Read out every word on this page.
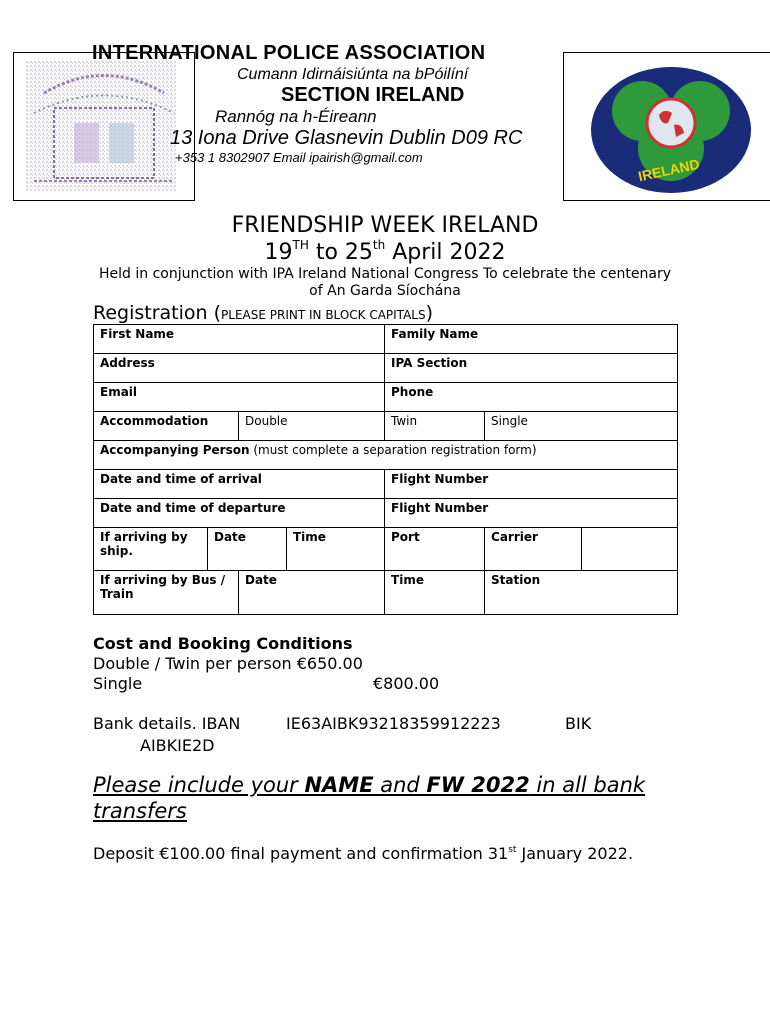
IRELAND
INTERNATIONAL POLICE ASSOCIATION
Cumann Idirnáisiúnta na bPóilíní
SECTION IRELAND
Rannóg na h-Éireann
13 Iona Drive Glasnevin Dublin D09 RC
+353 1 8302907 Email ipairish@gmail.com
FRIENDSHIP WEEK IRELAND
19TH to 25th April 2022
Held in conjunction with IPA Ireland National Congress To celebrate the centenary of An Garda Síochána
Registration (PLEASE PRINT IN BLOCK CAPITALS)
First Name				Family Name		
Address				IPA Section		
Email				Phone		
Accommodation		Double		Twin	Single	
Accompanying Person (must complete a separation registration form)						
Date and time of arrival				Flight Number		
Date and time of departure				Flight Number		
If arriving by ship.	Date		Time	Port	Carrier	
If arriving by Bus / Train		Date		Time	Station	
Cost and Booking Conditions
Double / Twin per person €650.00
Single	€800.00
Bank details. IBAN	IE63AIBK93218359912223	BIK
AIBKIE2D
Please include your NAME and FW 2022 in all bank transfers
Deposit €100.00 final payment and confirmation 31st January 2022.
